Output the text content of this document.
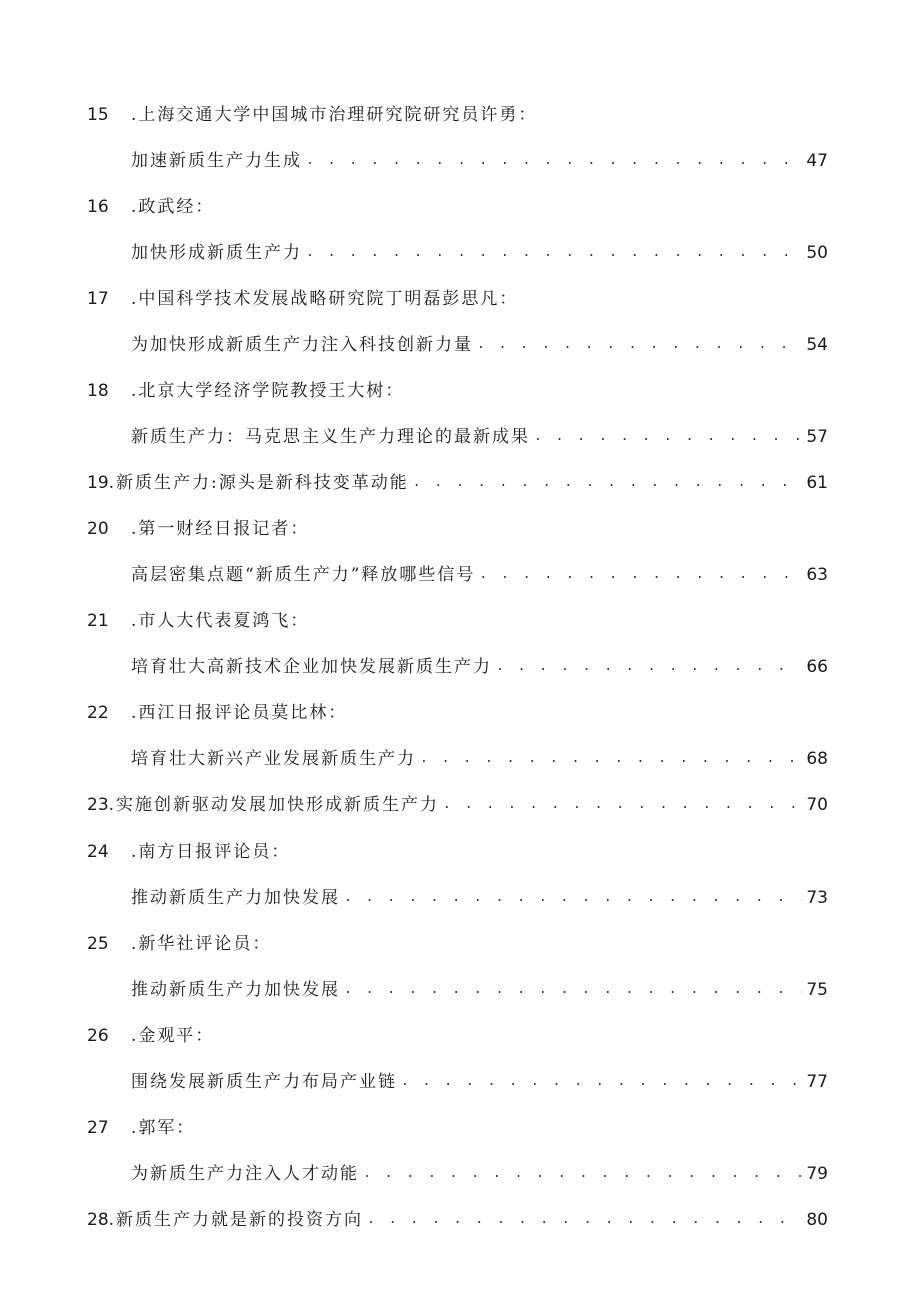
15	.上海交通大学中国城市治理研究院研究员许勇：
加速新质生产力生成 . . .	47
16	.政武经：
加快形成新质生产力 . . .	50
17	.中国科学技术发展战略研究院丁明磊彭思凡：
为加快形成新质生产力注入科技创新力量 . . .	54
18	.北京大学经济学院教授王大树：
新质生产力：马克思主义生产力理论的最新成果 . . .	57
19 .新质生产力:源头是新科技变革动能 . . .	61
20	.第一财经日报记者：
高层密集点题“新质生产力”释放哪些信号 . . .	63
21	.市人大代表夏鸿飞：
培育壮大高新技术企业加快发展新质生产力 . . .	66
22	.西江日报评论员莫比林：
培育壮大新兴产业发展新质生产力 . . .	68
23 .实施创新驱动发展加快形成新质生产力 . . .	70
24	.南方日报评论员：
推动新质生产力加快发展 . . .	73
25	.新华社评论员：
推动新质生产力加快发展 . . .	75
26	.金观平：
围绕发展新质生产力布局产业链 . . .	77
27	.郭军：
为新质生产力注入人才动能 . . .	79
28 .新质生产力就是新的投资方向 . . .	80
